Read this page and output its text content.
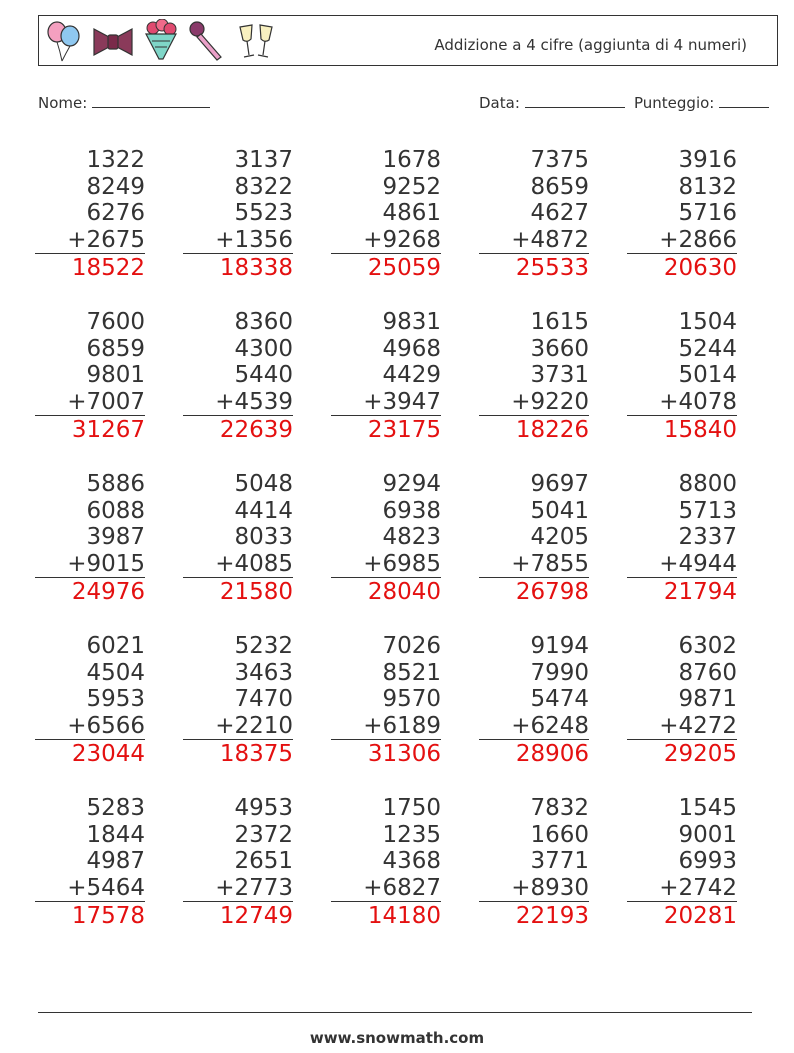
Addizione a 4 cifre (aggiunta di 4 numeri)
Nome:	Data:	Punteggio:
1322
8249
6276
+2675
18522
3137
8322
5523
+1356
18338
1678
9252
4861
+9268
25059
7375
8659
4627
+4872
25533
3916
8132
5716
+2866
20630
7600
6859
9801
+7007
31267
8360
4300
5440
+4539
22639
9831
4968
4429
+3947
23175
1615
3660
3731
+9220
18226
1504
5244
5014
+4078
15840
5886
6088
3987
+9015
24976
5048
4414
8033
+4085
21580
9294
6938
4823
+6985
28040
9697
5041
4205
+7855
26798
8800
5713
2337
+4944
21794
6021
4504
5953
+6566
23044
5232
3463
7470
+2210
18375
7026
8521
9570
+6189
31306
9194
7990
5474
+6248
28906
6302
8760
9871
+4272
29205
5283
1844
4987
+5464
17578
4953
2372
2651
+2773
12749
1750
1235
4368
+6827
14180
7832
1660
3771
+8930
22193
1545
9001
6993
+2742
20281
www.snowmath.com
